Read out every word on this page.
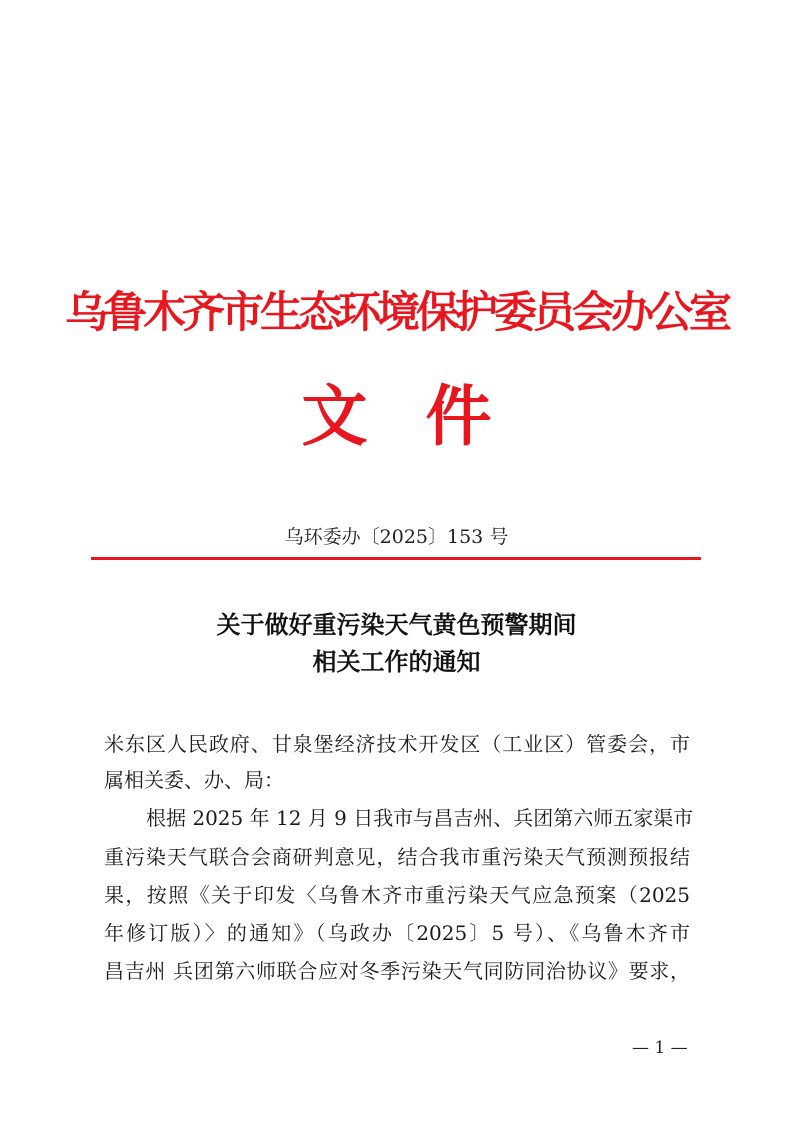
乌鲁木齐市生态环境保护委员会办公室
文件
乌环委办〔2025〕153 号
关于做好重污染天气黄色预警期间
相关工作的通知
米东区人民政府、甘泉堡经济技术开发区（工业区）管委会，市
属相关委、办、局：
根据 2025 年 12 月 9 日我市与昌吉州、兵团第六师五家渠市
重污染天气联合会商研判意见，结合我市重污染天气预测预报结
果，按照《关于印发〈乌鲁木齐市重污染天气应急预案（2025
年修订版）〉的通知》（乌政办〔2025〕5 号）、《乌鲁木齐市
昌吉州 兵团第六师联合应对冬季污染天气同防同治协议》要求，
— 1 —
